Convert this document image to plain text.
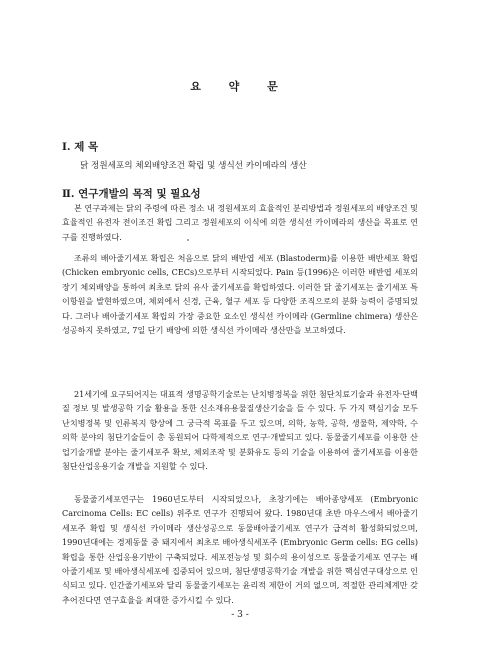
요 약 문
Ⅰ. 제 목
닭 정원세포의 체외배양조건 확립 및 생식선 카이메라의 생산
Ⅱ. 연구개발의 목적 및 필요성

본 연구과제는 닭의 주령에 따른 정소 내 정원세포의 효율적인 분리방법과 정원세포의 배양조건 및 효율적인 유전자 전이조건 확립 그리고 정원세포의 이식에 의한 생식선 카이메라의 생산을 목표로 연구를 진행하였다.

조류의 배아줄기세포 확립은 처음으로 닭의 배반엽 세포 (Blastoderm)를 이용한 배반세포 확립 (Chicken embryonic cells, CECs)으로부터 시작되었다. Pain 등(1996)은 이러한 배반엽 세포의 장기 체외배양을 통하여 최초로 닭의 유사 줄기세포를 확립하였다. 이러한 닭 줄기세포는 줄기세포 특이항원을 발현하였으며, 체외에서 신경, 근육, 혈구 세포 등 다양한 조직으로의 분화 능력이 증명되었다. 그러나 배아줄기세포 확립의 가장 중요한 요소인 생식선 카이메라 (Germline chimera) 생산은 성공하지 못하였고, 7일 단기 배양에 의한 생식선 카이메라 생산만을 보고하였다.

21세기에 요구되어지는 대표적 생명공학기술로는 난치병정복을 위한 첨단치료기술과 유전자·단백질 정보 및 발생공학 기술 활용을 통한 신소재유용물질생산기술을 들 수 있다. 두 가지 핵심기술 모두 난치병정복 및 인류복지 향상에 그 궁극적 목표를 두고 있으며, 의학, 농학, 공학, 생물학, 제약학, 수의학 분야의 첨단기술들이 총 동원되어 다학제적으로 연구·개발되고 있다. 동물줄기세포를 이용한 산업기술개발 분야는 줄기세포주 확보, 체외조작 및 분화유도 등의 기술을 이용하여 줄기세포를 이용한 첨단산업응용기술 개발을 지원할 수 있다.

동물줄기세포연구는 1960년도부터 시작되었으나, 초창기에는 배아종양세포 (Embryonic Carcinoma Cells: EC cells) 위주로 연구가 진행되어 왔다. 1980년대 초반 마우스에서 배아줄기세포주 확립 및 생식선 카이메라 생산성공으로 동물배아줄기세포 연구가 급격히 활성화되었으며, 1990년대에는 경제동물 중 돼지에서 최초로 배아생식세포주 (Embryonic Germ cells: EG cells) 확립을 통한 산업응용기반이 구축되었다. 세포전능성 및 회수의 용이성으로 동물줄기세포 연구는 배아줄기세포 및 배아생식세포에 집중되어 있으며, 첨단생명공학기술 개발을 위한 핵심연구대상으로 인식되고 있다. 인간줄기세포와 달리 동물줄기세포는 윤리적 제한이 거의 없으며, 적절한 관리체계만 갖추어진다면 연구효율을 최대한 증가시킬 수 있다.

- 3 -
